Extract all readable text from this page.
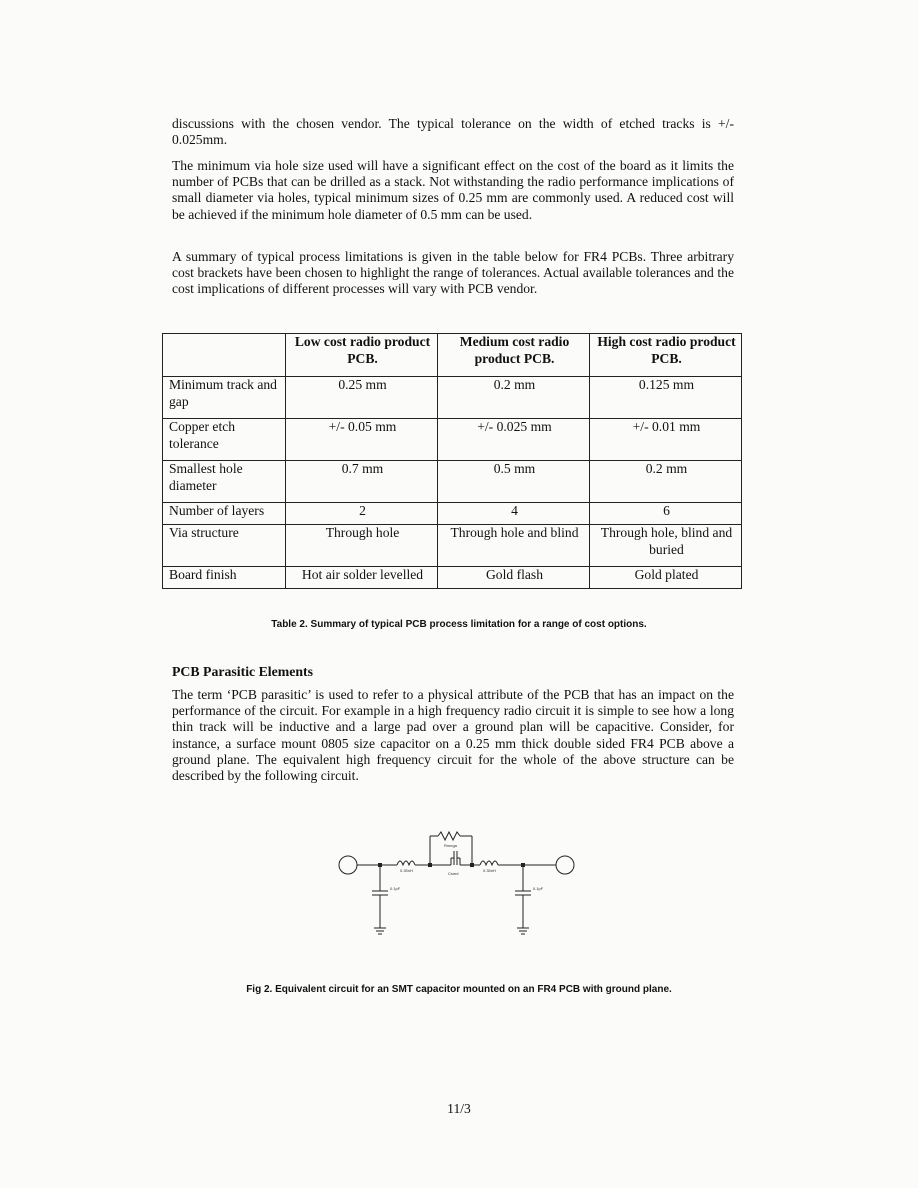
discussions with the chosen vendor. The typical tolerance on the width of etched tracks is +/- 0.025mm.
The minimum via hole size used will have a significant effect on the cost of the board as it limits the number of PCBs that can be drilled as a stack. Not withstanding the radio performance implications of small diameter via holes, typical minimum sizes of 0.25 mm are commonly used. A reduced cost will be achieved if the minimum hole diameter of 0.5 mm can be used.
A summary of typical process limitations is given in the table below for FR4 PCBs. Three arbitrary cost brackets have been chosen to highlight the range of tolerances. Actual available tolerances and the cost implications of different processes will vary with PCB vendor.
	Low cost radio product PCB.	Medium cost radio product PCB.	High cost radio product PCB.
Minimum track and gap	0.25 mm	0.2 mm	0.125 mm
Copper etch tolerance	+/- 0.05 mm	+/- 0.025 mm	+/- 0.01 mm
Smallest hole diameter	0.7 mm	0.5 mm	0.2 mm
Number of layers	2	4	6
Via structure	Through hole	Through hole and blind	Through hole, blind and buried
Board finish	Hot air solder levelled	Gold flash	Gold plated
Table 2. Summary of typical PCB process limitation for a range of cost options.
PCB Parasitic Elements
The term ‘PCB parasitic’ is used to refer to a physical attribute of the PCB that has an impact on the performance of the circuit. For example in a high frequency radio circuit it is simple to see how a long thin track will be inductive and a large pad over a ground plan will be capacitive. Consider, for instance, a surface mount 0805 size capacitor on a 0.25 mm thick double sided FR4 PCB above a ground plane. The equivalent high frequency circuit for the whole of the above structure can be described by the following circuit.
Rmega
0.35nH	0.35nH
Csmd
0.1pF	0.1pF
Fig 2. Equivalent circuit for an SMT capacitor mounted on an FR4 PCB with ground plane.
11/3
